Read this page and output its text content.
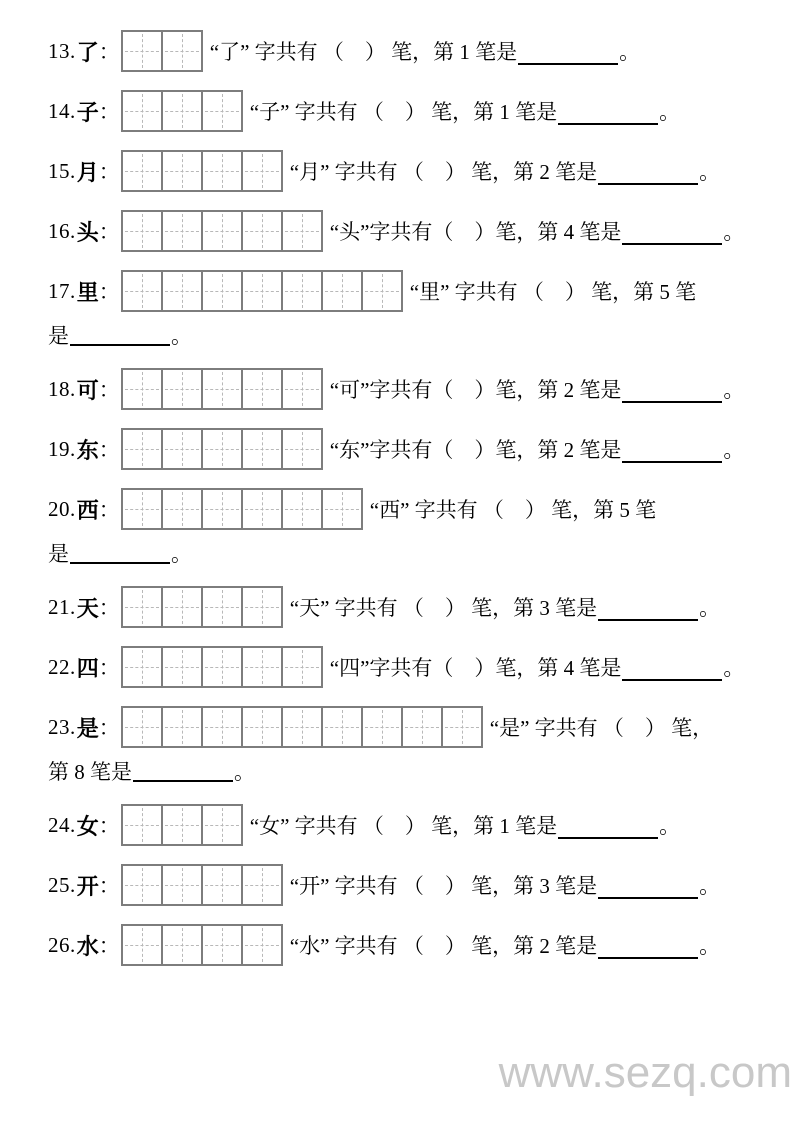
13. 了 ：	“了” 字共有 （　） 笔，第 1 笔是	。
14. 子 ：	“子” 字共有 （　） 笔，第 1 笔是	。
15. 月 ：	“月” 字共有 （　） 笔，第 2 笔是	。
16. 头 ：	“头”字共有（　）笔，第 4 笔是	。
17. 里 ：	“里” 字共有 （　） 笔，第 5 笔
是	。
18. 可 ：	“可”字共有（　）笔，第 2 笔是	。
19. 东 ：	“东”字共有（　）笔，第 2 笔是	。
20. 西 ：	“西” 字共有 （　） 笔，第 5 笔
是	。
21. 天 ：	“天” 字共有 （　） 笔，第 3 笔是	。
22. 四 ：	“四”字共有（　）笔，第 4 笔是	。
23. 是 ：	“是” 字共有 （　） 笔，
第 8 笔是	。
24. 女 ：	“女” 字共有 （　） 笔，第 1 笔是	。
25. 开 ：	“开” 字共有 （　） 笔，第 3 笔是	。
26. 水 ：	“水” 字共有 （　） 笔，第 2 笔是	。
www.sezq.com
